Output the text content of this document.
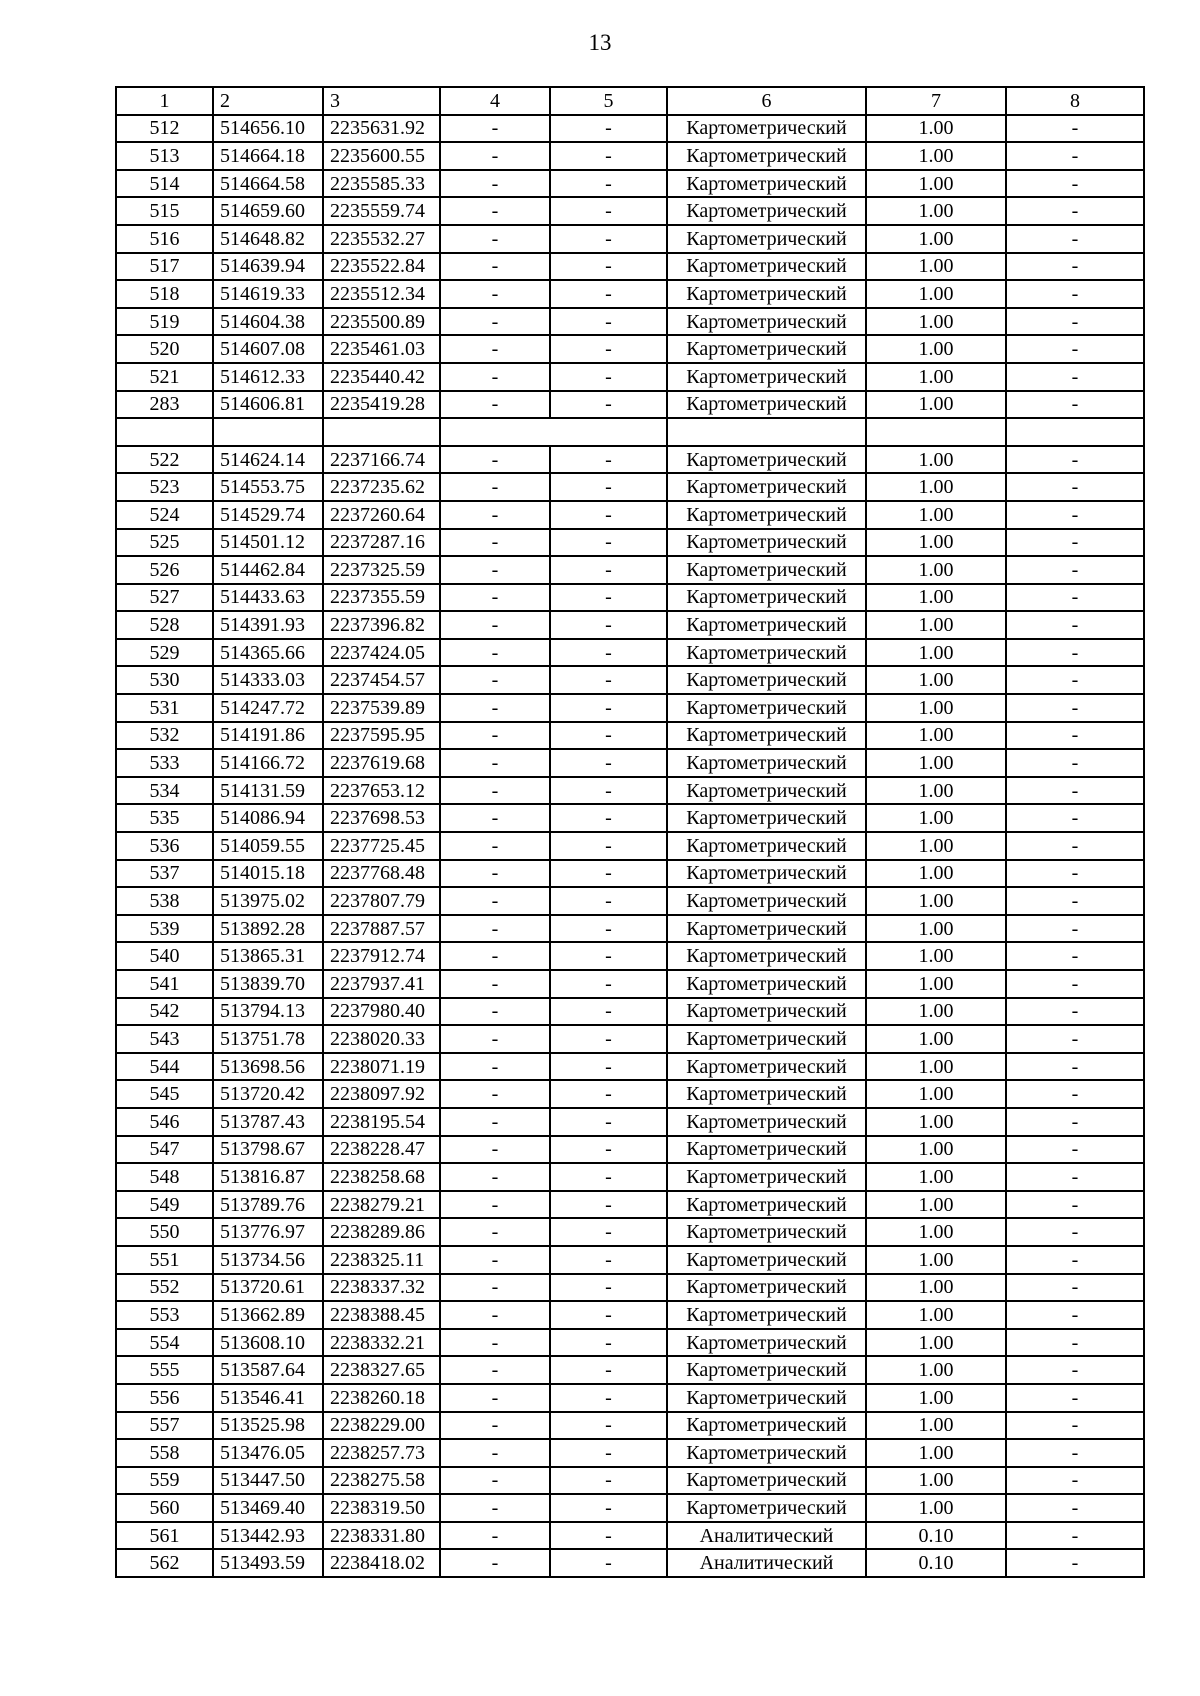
13
1	2	3	4	5	6	7	8
512	514656.10	2235631.92	-	-	Картометрический	1.00	-
513	514664.18	2235600.55	-	-	Картометрический	1.00	-
514	514664.58	2235585.33	-	-	Картометрический	1.00	-
515	514659.60	2235559.74	-	-	Картометрический	1.00	-
516	514648.82	2235532.27	-	-	Картометрический	1.00	-
517	514639.94	2235522.84	-	-	Картометрический	1.00	-
518	514619.33	2235512.34	-	-	Картометрический	1.00	-
519	514604.38	2235500.89	-	-	Картометрический	1.00	-
520	514607.08	2235461.03	-	-	Картометрический	1.00	-
521	514612.33	2235440.42	-	-	Картометрический	1.00	-
283	514606.81	2235419.28	-	-	Картометрический	1.00	-

522	514624.14	2237166.74	-	-	Картометрический	1.00	-
523	514553.75	2237235.62	-	-	Картометрический	1.00	-
524	514529.74	2237260.64	-	-	Картометрический	1.00	-
525	514501.12	2237287.16	-	-	Картометрический	1.00	-
526	514462.84	2237325.59	-	-	Картометрический	1.00	-
527	514433.63	2237355.59	-	-	Картометрический	1.00	-
528	514391.93	2237396.82	-	-	Картометрический	1.00	-
529	514365.66	2237424.05	-	-	Картометрический	1.00	-
530	514333.03	2237454.57	-	-	Картометрический	1.00	-
531	514247.72	2237539.89	-	-	Картометрический	1.00	-
532	514191.86	2237595.95	-	-	Картометрический	1.00	-
533	514166.72	2237619.68	-	-	Картометрический	1.00	-
534	514131.59	2237653.12	-	-	Картометрический	1.00	-
535	514086.94	2237698.53	-	-	Картометрический	1.00	-
536	514059.55	2237725.45	-	-	Картометрический	1.00	-
537	514015.18	2237768.48	-	-	Картометрический	1.00	-
538	513975.02	2237807.79	-	-	Картометрический	1.00	-
539	513892.28	2237887.57	-	-	Картометрический	1.00	-
540	513865.31	2237912.74	-	-	Картометрический	1.00	-
541	513839.70	2237937.41	-	-	Картометрический	1.00	-
542	513794.13	2237980.40	-	-	Картометрический	1.00	-
543	513751.78	2238020.33	-	-	Картометрический	1.00	-
544	513698.56	2238071.19	-	-	Картометрический	1.00	-
545	513720.42	2238097.92	-	-	Картометрический	1.00	-
546	513787.43	2238195.54	-	-	Картометрический	1.00	-
547	513798.67	2238228.47	-	-	Картометрический	1.00	-
548	513816.87	2238258.68	-	-	Картометрический	1.00	-
549	513789.76	2238279.21	-	-	Картометрический	1.00	-
550	513776.97	2238289.86	-	-	Картометрический	1.00	-
551	513734.56	2238325.11	-	-	Картометрический	1.00	-
552	513720.61	2238337.32	-	-	Картометрический	1.00	-
553	513662.89	2238388.45	-	-	Картометрический	1.00	-
554	513608.10	2238332.21	-	-	Картометрический	1.00	-
555	513587.64	2238327.65	-	-	Картометрический	1.00	-
556	513546.41	2238260.18	-	-	Картометрический	1.00	-
557	513525.98	2238229.00	-	-	Картометрический	1.00	-
558	513476.05	2238257.73	-	-	Картометрический	1.00	-
559	513447.50	2238275.58	-	-	Картометрический	1.00	-
560	513469.40	2238319.50	-	-	Картометрический	1.00	-
561	513442.93	2238331.80	-	-	Аналитический	0.10	-
562	513493.59	2238418.02	-	-	Аналитический	0.10	-
